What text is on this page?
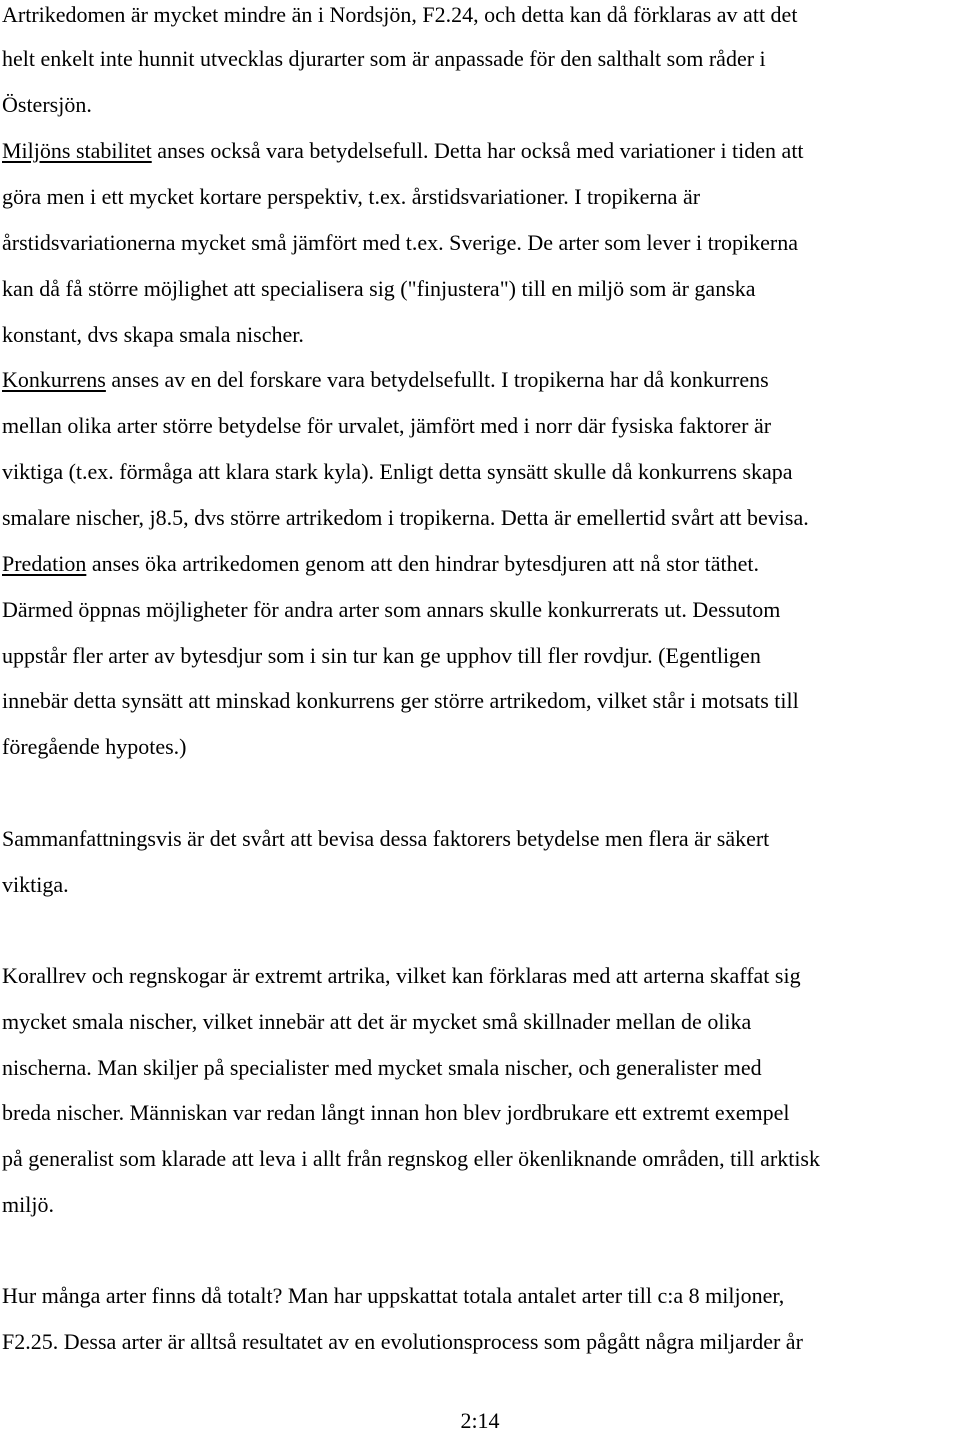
Artrikedomen är mycket mindre än i Nordsjön, F2.24, och detta kan då förklaras av att det
helt enkelt inte hunnit utvecklas djurarter som är anpassade för den salthalt som råder i
Östersjön.
Miljöns stabilitet anses också vara betydelsefull. Detta har också med variationer i tiden att
göra men i ett mycket kortare perspektiv, t.ex. årstidsvariationer. I tropikerna är
årstidsvariationerna mycket små jämfört med t.ex. Sverige. De arter som lever i tropikerna
kan då få större möjlighet att specialisera sig ("finjustera") till en miljö som är ganska
konstant, dvs skapa smala nischer.
Konkurrens anses av en del forskare vara betydelsefullt. I tropikerna har då konkurrens
mellan olika arter större betydelse för urvalet, jämfört med i norr där fysiska faktorer är
viktiga (t.ex. förmåga att klara stark kyla). Enligt detta synsätt skulle då konkurrens skapa
smalare nischer, j8.5, dvs större artrikedom i tropikerna. Detta är emellertid svårt att bevisa.
Predation anses öka artrikedomen genom att den hindrar bytesdjuren att nå stor täthet.
Därmed öppnas möjligheter för andra arter som annars skulle konkurrerats ut. Dessutom
uppstår fler arter av bytesdjur som i sin tur kan ge upphov till fler rovdjur. (Egentligen
innebär detta synsätt att minskad konkurrens ger större artrikedom, vilket står i motsats till
föregående hypotes.)
Sammanfattningsvis är det svårt att bevisa dessa faktorers betydelse men flera är säkert
viktiga.
Korallrev och regnskogar är extremt artrika, vilket kan förklaras med att arterna skaffat sig
mycket smala nischer, vilket innebär att det är mycket små skillnader mellan de olika
nischerna. Man skiljer på specialister med mycket smala nischer, och generalister med
breda nischer. Människan var redan långt innan hon blev jordbrukare ett extremt exempel
på generalist som klarade att leva i allt från regnskog eller ökenliknande områden, till arktisk
miljö.
Hur många arter finns då totalt? Man har uppskattat totala antalet arter till c:a 8 miljoner,
F2.25. Dessa arter är alltså resultatet av en evolutionsprocess som pågått några miljarder år
2:14
